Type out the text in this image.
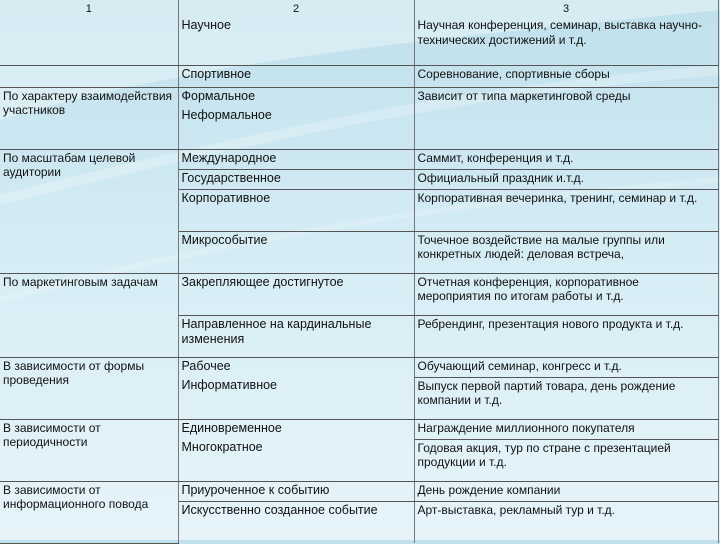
1	2	3
	Научное	Научная конференция, семинар, выставка научно-технических достижений и т.д.
	Спортивное	Соревнование, спортивные сборы
По характеру взаимодействия участников	Формальное	Зависит от типа маркетинговой среды
	Неформальное	
По масштабам целевой аудитории	Международное	Саммит, конференция и т.д.
	Государственное	Официальный праздник и.т.д.
	Корпоративное	Корпоративная вечеринка, тренинг, семинар и т.д.
	Микрособытие	Точечное воздействие на малые группы или конкретных людей: деловая встреча,
По маркетинговым задачам	Закрепляющее достигнутое	Отчетная конференция, корпоративное мероприятия по итогам работы и т.д.
	Направленное на кардинальные изменения	Ребрендинг, презентация нового продукта и т.д.
В зависимости от формы проведения	Рабочее	Обучающий семинар, конгресс и т.д.
	Информативное	Выпуск первой партий товара, день рождение компании и т.д.
В зависимости от периодичности	Единовременное	Награждение миллионного покупателя
	Многократное	Годовая акция, тур по стране с презентацией продукции и т.д.
В зависимости от информационного повода	Приуроченное к событию	День рождение компании
	Искусственно созданное событие	Арт-выставка, рекламный тур и т.д.
